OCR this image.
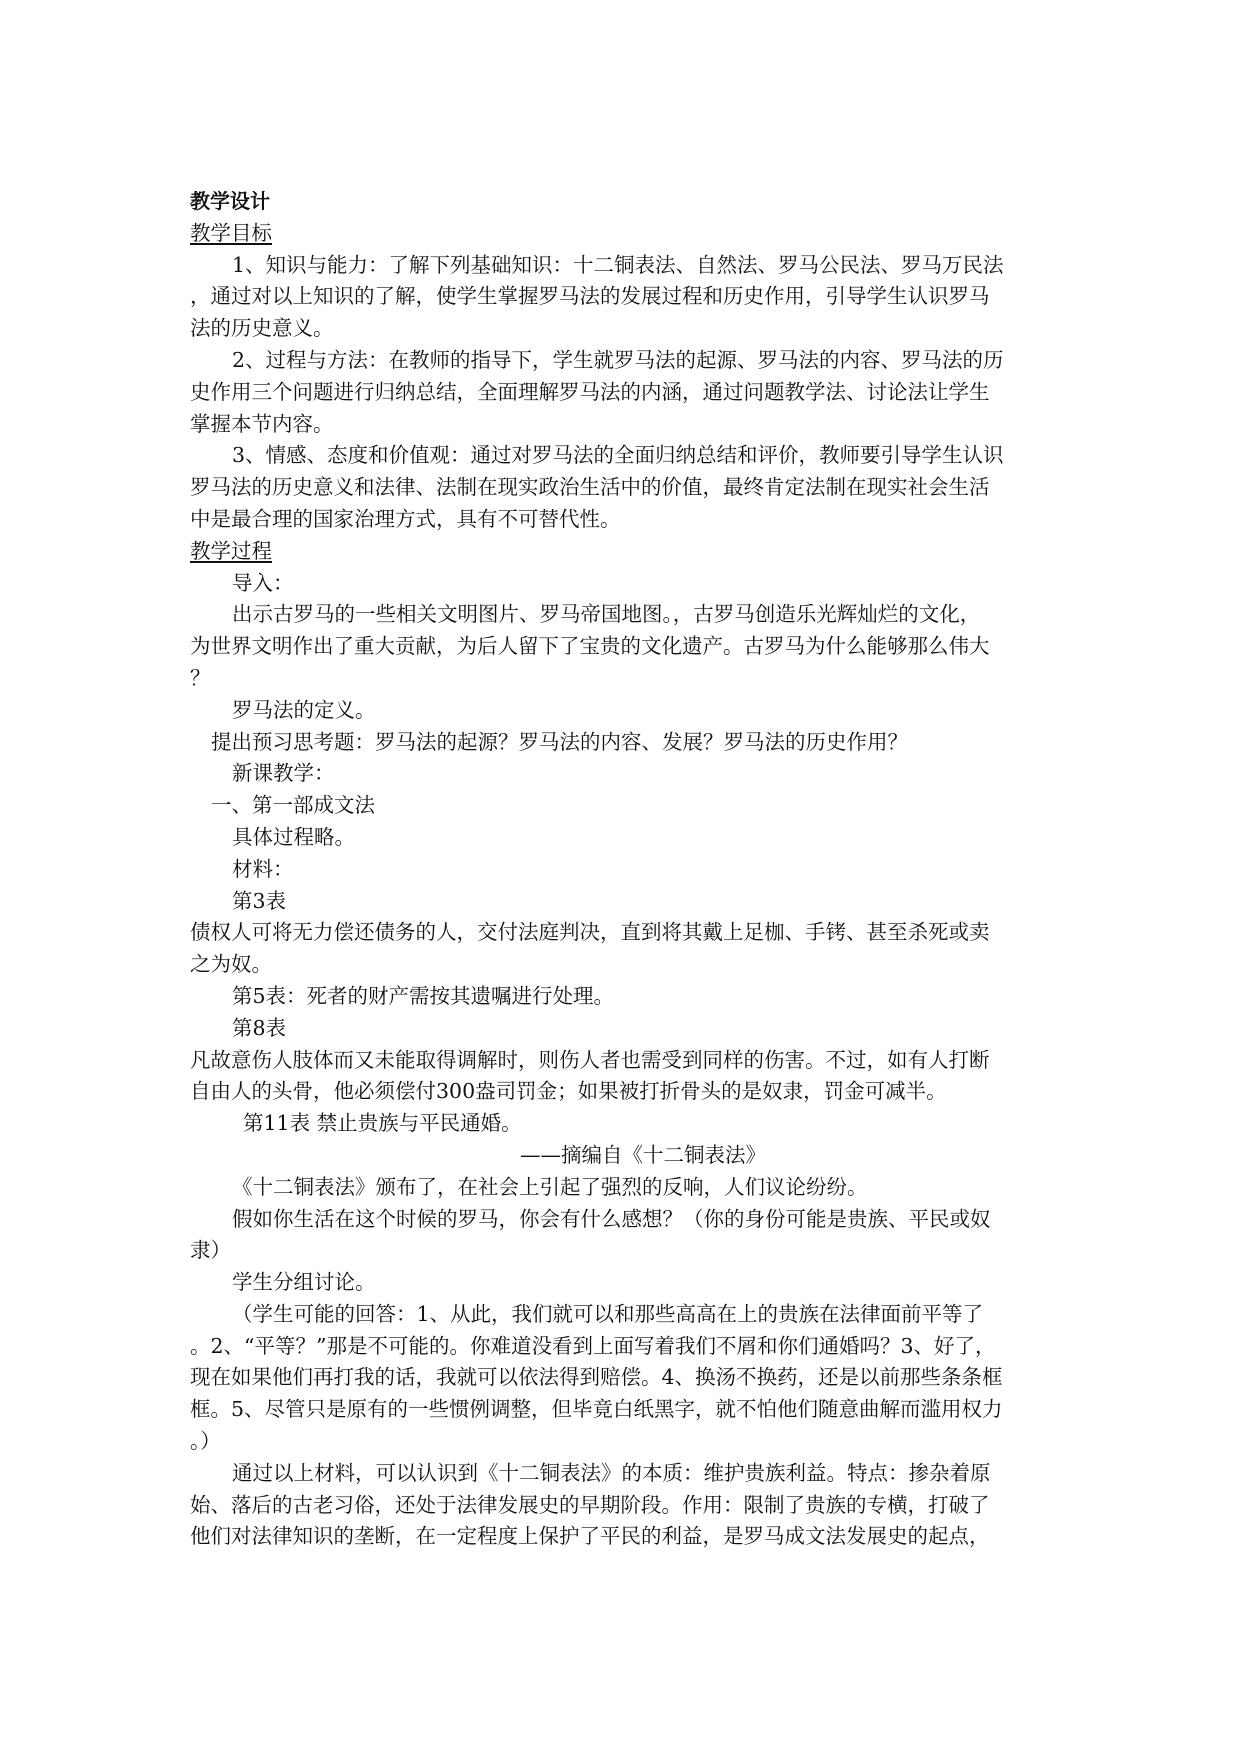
教学设计
教学目标
1、知识与能力：了解下列基础知识：十二铜表法、自然法、罗马公民法、罗马万民法
，通过对以上知识的了解，使学生掌握罗马法的发展过程和历史作用，引导学生认识罗马
法的历史意义。
2、过程与方法：在教师的指导下，学生就罗马法的起源、罗马法的内容、罗马法的历
史作用三个问题进行归纳总结，全面理解罗马法的内涵，通过问题教学法、讨论法让学生
掌握本节内容。
3、情感、态度和价值观：通过对罗马法的全面归纳总结和评价，教师要引导学生认识
罗马法的历史意义和法律、法制在现实政治生活中的价值，最终肯定法制在现实社会生活
中是最合理的国家治理方式，具有不可替代性。
教学过程
导入：
出示古罗马的一些相关文明图片、罗马帝国地图。，古罗马创造乐光辉灿烂的文化，
为世界文明作出了重大贡献，为后人留下了宝贵的文化遗产。古罗马为什么能够那么伟大
？
罗马法的定义。
提出预习思考题：罗马法的起源？罗马法的内容、发展？罗马法的历史作用？
新课教学：
一、第一部成文法
具体过程略。
材料：
第3表
债权人可将无力偿还债务的人，交付法庭判决，直到将其戴上足枷、手铐、甚至杀死或卖
之为奴。
第5表：死者的财产需按其遗嘱进行处理。
第8表
凡故意伤人肢体而又未能取得调解时，则伤人者也需受到同样的伤害。不过，如有人打断
自由人的头骨，他必须偿付300盎司罚金；如果被打折骨头的是奴隶，罚金可减半。
第11表 禁止贵族与平民通婚。
——摘编自《十二铜表法》
《十二铜表法》颁布了，在社会上引起了强烈的反响，人们议论纷纷。
假如你生活在这个时候的罗马，你会有什么感想？（你的身份可能是贵族、平民或奴
隶）
学生分组讨论。
（学生可能的回答：1、从此，我们就可以和那些高高在上的贵族在法律面前平等了
。2、“平等？”那是不可能的。你难道没看到上面写着我们不屑和你们通婚吗？3、好了，
现在如果他们再打我的话，我就可以依法得到赔偿。4、换汤不换药，还是以前那些条条框
框。5、尽管只是原有的一些惯例调整，但毕竟白纸黑字，就不怕他们随意曲解而滥用权力
。）
通过以上材料，可以认识到《十二铜表法》的本质：维护贵族利益。特点：掺杂着原
始、落后的古老习俗，还处于法律发展史的早期阶段。作用：限制了贵族的专横，打破了
他们对法律知识的垄断，在一定程度上保护了平民的利益，是罗马成文法发展史的起点，
